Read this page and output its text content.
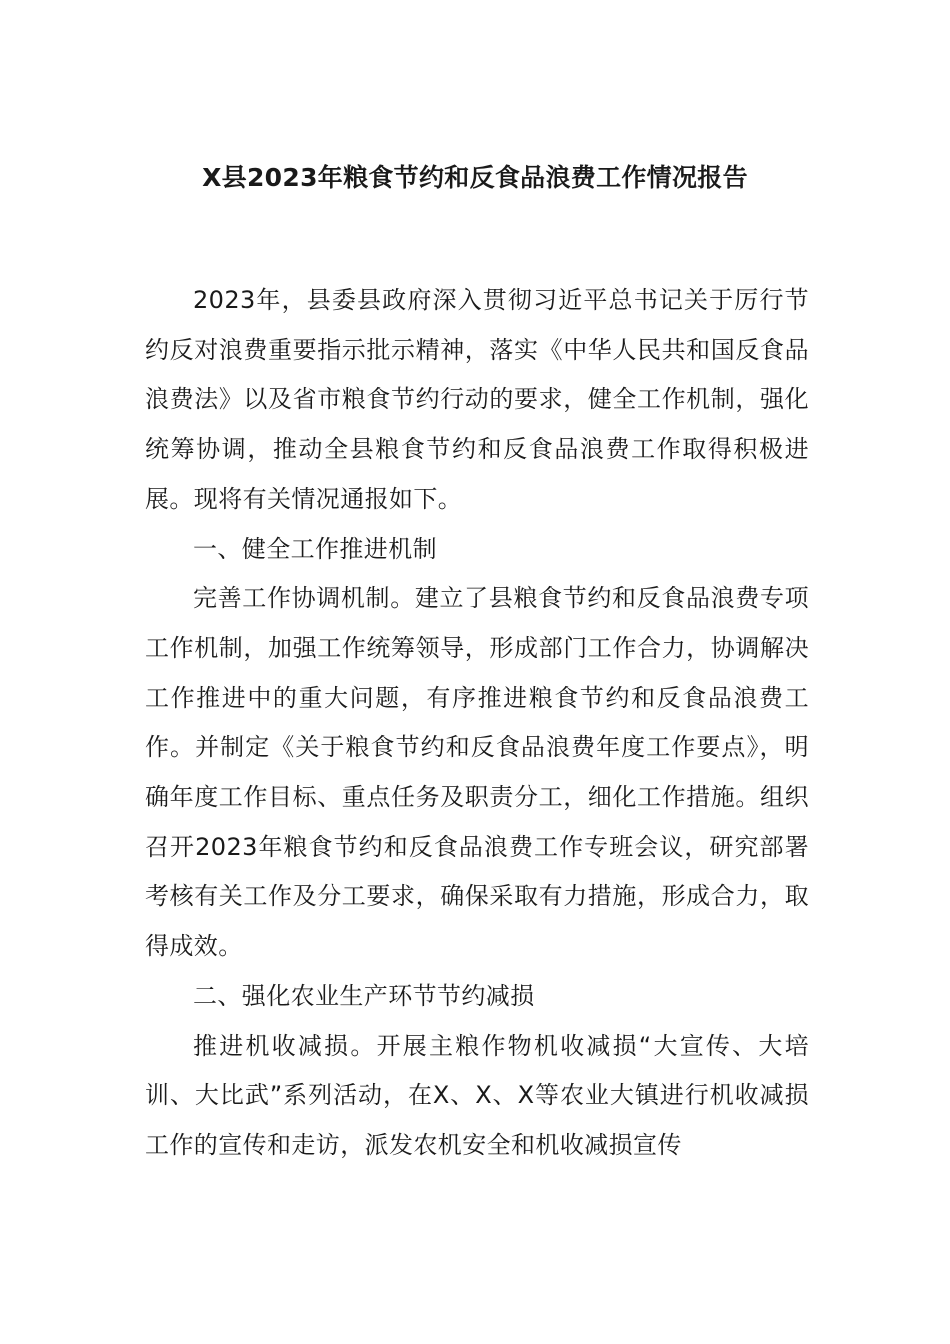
X县2023年粮食节约和反食品浪费工作情况报告

2023年，县委县政府深入贯彻习近平总书记关于厉行节约反对浪费重要指示批示精神，落实《中华人民共和国反食品浪费法》以及省市粮食节约行动的要求，健全工作机制，强化统筹协调，推动全县粮食节约和反食品浪费工作取得积极进展。现将有关情况通报如下。

一、健全工作推进机制

完善工作协调机制。建立了县粮食节约和反食品浪费专项工作机制，加强工作统筹领导，形成部门工作合力，协调解决工作推进中的重大问题，有序推进粮食节约和反食品浪费工作。并制定《关于粮食节约和反食品浪费年度工作要点》，明确年度工作目标、重点任务及职责分工，细化工作措施。组织召开2023年粮食节约和反食品浪费工作专班会议，研究部署考核有关工作及分工要求，确保采取有力措施，形成合力，取得成效。

二、强化农业生产环节节约减损

推进机收减损。开展主粮作物机收减损“大宣传、大培训、大比武”系列活动，在X、X、X等农业大镇进行机收减损工作的宣传和走访，派发农机安全和机收减损宣传
